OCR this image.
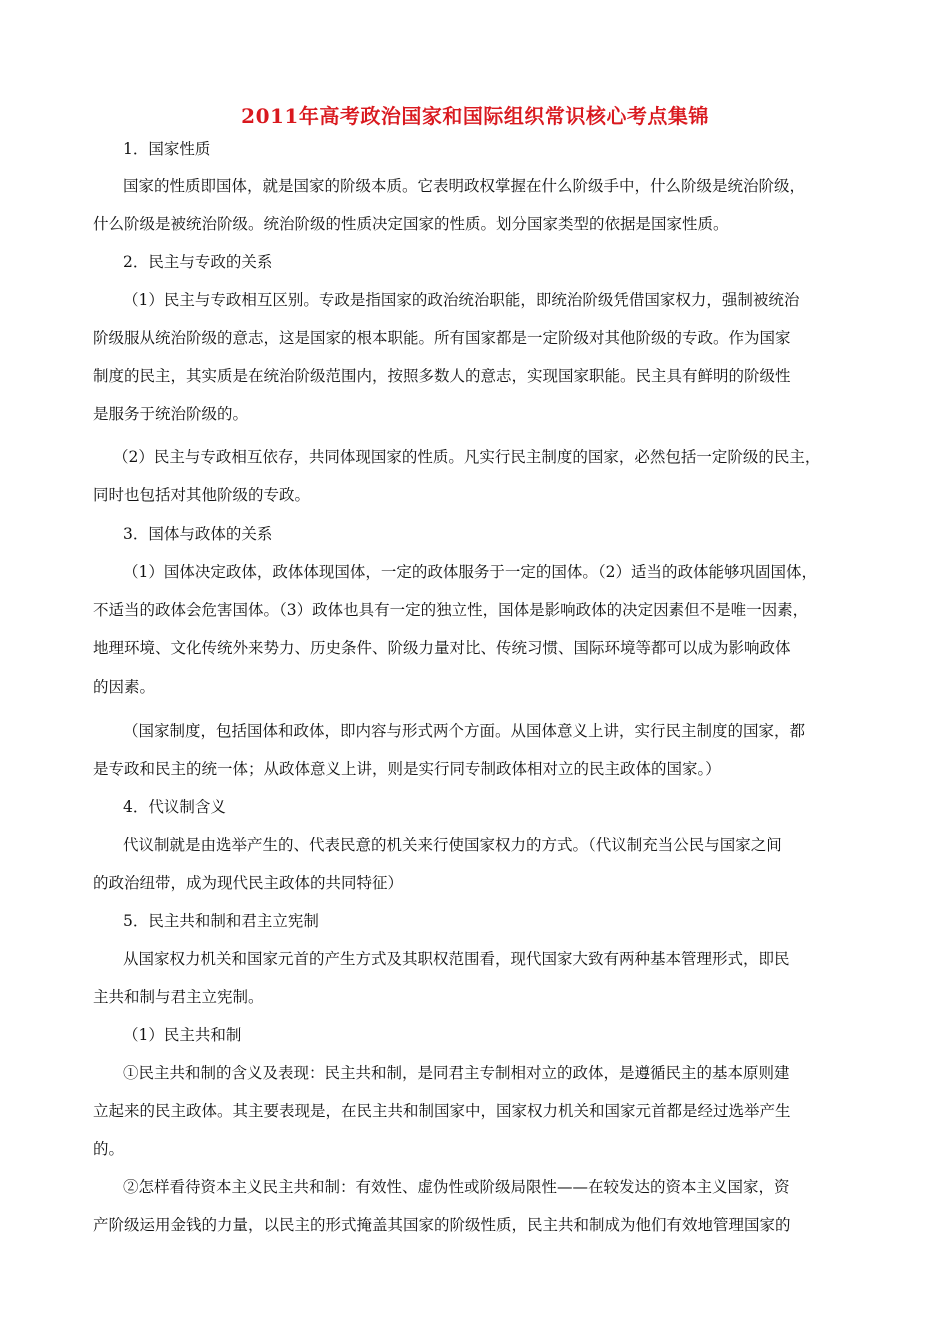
2011年高考政治国家和国际组织常识核心考点集锦
1．国家性质
国家的性质即国体，就是国家的阶级本质。它表明政权掌握在什么阶级手中，什么阶级是统治阶级，
什么阶级是被统治阶级。统治阶级的性质决定国家的性质。划分国家类型的依据是国家性质。
2．民主与专政的关系
（1）民主与专政相互区别。专政是指国家的政治统治职能，即统治阶级凭借国家权力，强制被统治
阶级服从统治阶级的意志，这是国家的根本职能。所有国家都是一定阶级对其他阶级的专政。作为国家
制度的民主，其实质是在统治阶级范围内，按照多数人的意志，实现国家职能。民主具有鲜明的阶级性
是服务于统治阶级的。
（2）民主与专政相互依存，共同体现国家的性质。凡实行民主制度的国家，必然包括一定阶级的民主，
同时也包括对其他阶级的专政。
3．国体与政体的关系
（1）国体决定政体，政体体现国体，一定的政体服务于一定的国体。（2）适当的政体能够巩固国体，
不适当的政体会危害国体。（3）政体也具有一定的独立性，国体是影响政体的决定因素但不是唯一因素，
地理环境、文化传统外来势力、历史条件、阶级力量对比、传统习惯、国际环境等都可以成为影响政体
的因素。
（国家制度，包括国体和政体，即内容与形式两个方面。从国体意义上讲，实行民主制度的国家，都
是专政和民主的统一体；从政体意义上讲，则是实行同专制政体相对立的民主政体的国家。）
4．代议制含义
代议制就是由选举产生的、代表民意的机关来行使国家权力的方式。（代议制充当公民与国家之间
的政治纽带，成为现代民主政体的共同特征）
5．民主共和制和君主立宪制
从国家权力机关和国家元首的产生方式及其职权范围看，现代国家大致有两种基本管理形式，即民
主共和制与君主立宪制。
（1）民主共和制
①民主共和制的含义及表现：民主共和制，是同君主专制相对立的政体，是遵循民主的基本原则建
立起来的民主政体。其主要表现是，在民主共和制国家中，国家权力机关和国家元首都是经过选举产生
的。
②怎样看待资本主义民主共和制：有效性、虚伪性或阶级局限性——在较发达的资本主义国家，资
产阶级运用金钱的力量，以民主的形式掩盖其国家的阶级性质，民主共和制成为他们有效地管理国家的
